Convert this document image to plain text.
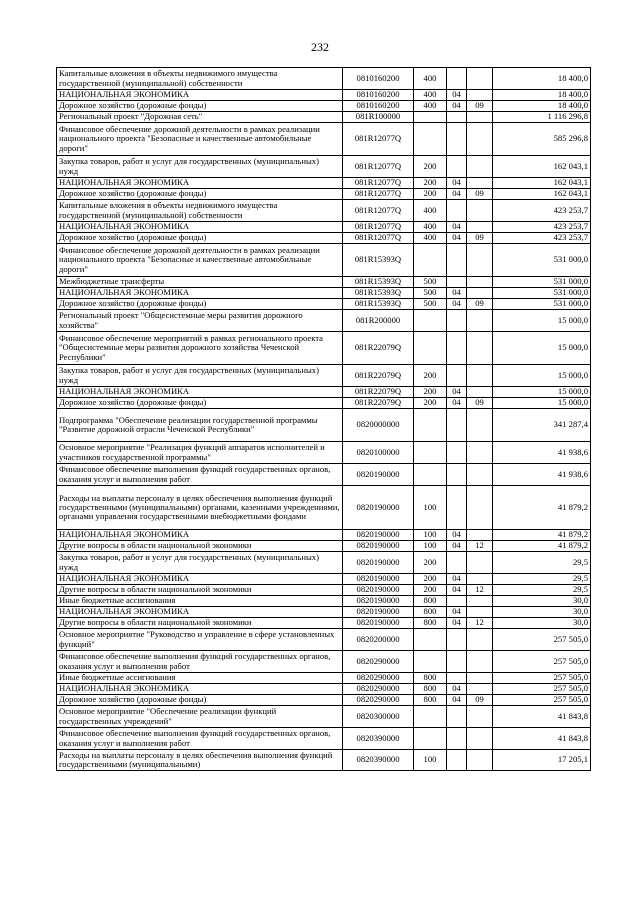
232
Капитальные вложения в объекты недвижимого имущества государственной (муниципальной) собственности	0810160200	400			18 400,0
НАЦИОНАЛЬНАЯ ЭКОНОМИКА	0810160200	400	04		18 400,0
Дорожное хозяйство (дорожные фонды)	0810160200	400	04	09	18 400,0
Региональный проект "Дорожная сеть"	081R100000				1 116 296,8
Финансовое обеспечение дорожной деятельности в рамках реализации национального проекта "Безопасные и качественные автомобильные дороги"	081R12077Q				585 296,8
Закупка товаров, работ и услуг для государственных (муниципальных) нужд	081R12077Q	200			162 043,1
НАЦИОНАЛЬНАЯ ЭКОНОМИКА	081R12077Q	200	04		162 043,1
Дорожное хозяйство (дорожные фонды)	081R12077Q	200	04	09	162 043,1
Капитальные вложения в объекты недвижимого имущества государственной (муниципальной) собственности	081R12077Q	400			423 253,7
НАЦИОНАЛЬНАЯ ЭКОНОМИКА	081R12077Q	400	04		423 253,7
Дорожное хозяйство (дорожные фонды)	081R12077Q	400	04	09	423 253,7
Финансовое обеспечение дорожной деятельности в рамках реализации национального проекта "Безопасные и качественные автомобильные дороги"	081R15393Q				531 000,0
Межбюджетные трансферты	081R15393Q	500			531 000,0
НАЦИОНАЛЬНАЯ ЭКОНОМИКА	081R15393Q	500	04		531 000,0
Дорожное хозяйство (дорожные фонды)	081R15393Q	500	04	09	531 000,0
Региональный проект "Общесистемные меры развития дорожного хозяйства"	081R200000				15 000,0
Финансовое обеспечение мероприятий в рамках регионального проекта "Общесистемные меры развития дорожного хозяйства Чеченской Республики"	081R22079Q				15 000,0
Закупка товаров, работ и услуг для государственных (муниципальных) нужд	081R22079Q	200			15 000,0
НАЦИОНАЛЬНАЯ ЭКОНОМИКА	081R22079Q	200	04		15 000,0
Дорожное хозяйство (дорожные фонды)	081R22079Q	200	04	09	15 000,0
Подпрограмма "Обеспечение реализации государственной программы "Развитие дорожной отрасли Чеченской Республики"	0820000000				341 287,4
Основное мероприятие "Реализация функций аппаратов исполнителей и участников государственной программы"	0820100000				41 938,6
Финансовое обеспечение выполнения функций государственных органов, оказания услуг и выполнения работ	0820190000				41 938,6
Расходы на выплаты персоналу в целях обеспечения выполнения функций государственными (муниципальными) органами, казенными учреждениями, органами управления государственными внебюджетными фондами	0820190000	100			41 879,2
НАЦИОНАЛЬНАЯ ЭКОНОМИКА	0820190000	100	04		41 879,2
Другие вопросы в области национальной экономики	0820190000	100	04	12	41 879,2
Закупка товаров, работ и услуг для государственных (муниципальных) нужд	0820190000	200			29,5
НАЦИОНАЛЬНАЯ ЭКОНОМИКА	0820190000	200	04		29,5
Другие вопросы в области национальной экономики	0820190000	200	04	12	29,5
Иные бюджетные ассигнования	0820190000	800			30,0
НАЦИОНАЛЬНАЯ ЭКОНОМИКА	0820190000	800	04		30,0
Другие вопросы в области национальной экономики	0820190000	800	04	12	30,0
Основное мероприятие "Руководство и управление в сфере установленных функций"	0820200000				257 505,0
Финансовое обеспечение выполнения функций государственных органов, оказания услуг и выполнения работ	0820290000				257 505,0
Иные бюджетные ассигнования	0820290000	800			257 505,0
НАЦИОНАЛЬНАЯ ЭКОНОМИКА	0820290000	800	04		257 505,0
Дорожное хозяйство (дорожные фонды)	0820290000	800	04	09	257 505,0
Основное мероприятие "Обеспечение реализации функций государственных учреждений"	0820300000				41 843,8
Финансовое обеспечение выполнения функций государственных органов, оказания услуг и выполнения работ	0820390000				41 843,8
Расходы на выплаты персоналу в целях обеспечения выполнения функций государственными (муниципальными)	0820390000	100			17 205,1
